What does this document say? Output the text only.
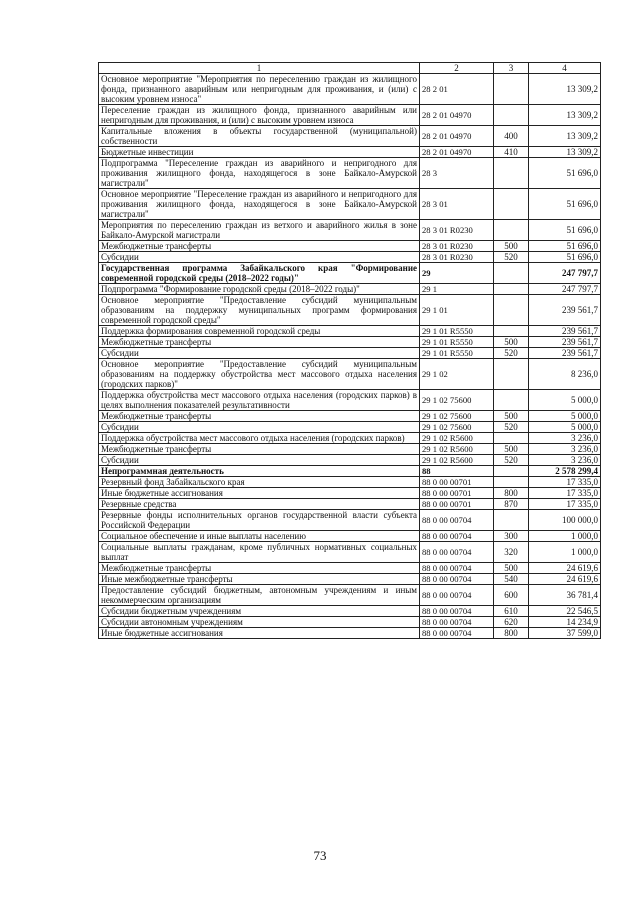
1	2	3	4
Основное мероприятие "Мероприятия по переселению граждан из жилищного фонда, признанного аварийным или непригодным для проживания, и (или) с высоким уровнем износа"	28 2 01		13 309,2
Переселение граждан из жилищного фонда, признанного аварийным или непригодным для проживания, и (или) с высоким уровнем износа	28 2 01 04970		13 309,2
Капитальные вложения в объекты государственной (муниципальной) собственности	28 2 01 04970	400	13 309,2
Бюджетные инвестиции	28 2 01 04970	410	13 309,2
Подпрограмма "Переселение граждан из аварийного и непригодного для проживания жилищного фонда, находящегося в зоне Байкало-Амурской магистрали"	28 3		51 696,0
Основное мероприятие "Переселение граждан из аварийного и непригодного для проживания жилищного фонда, находящегося в зоне Байкало-Амурской магистрали"	28 3 01		51 696,0
Мероприятия по переселению граждан из ветхого и аварийного жилья в зоне Байкало-Амурской магистрали	28 3 01 R0230		51 696,0
Межбюджетные трансферты	28 3 01 R0230	500	51 696,0
Субсидии	28 3 01 R0230	520	51 696,0
Государственная программа Забайкальского края "Формирование современной городской среды (2018–2022 годы)"	29		247 797,7
Подпрограмма "Формирование городской среды (2018–2022 годы)"	29 1		247 797,7
Основное мероприятие "Предоставление субсидий муниципальным образованиям на поддержку муниципальных программ формирования современной городской среды"	29 1 01		239 561,7
Поддержка формирования современной городской среды	29 1 01 R5550		239 561,7
Межбюджетные трансферты	29 1 01 R5550	500	239 561,7
Субсидии	29 1 01 R5550	520	239 561,7
Основное мероприятие "Предоставление субсидий муниципальным образованиям на поддержку обустройства мест массового отдыха населения (городских парков)"	29 1 02		8 236,0
Поддержка обустройства мест массового отдыха населения (городских парков) в целях выполнения показателей результативности	29 1 02 75600		5 000,0
Межбюджетные трансферты	29 1 02 75600	500	5 000,0
Субсидии	29 1 02 75600	520	5 000,0
Поддержка обустройства мест массового отдыха населения (городских парков)	29 1 02 R5600		3 236,0
Межбюджетные трансферты	29 1 02 R5600	500	3 236,0
Субсидии	29 1 02 R5600	520	3 236,0
Непрограммная деятельность	88		2 578 299,4
Резервный фонд Забайкальского края	88 0 00 00701		17 335,0
Иные бюджетные ассигнования	88 0 00 00701	800	17 335,0
Резервные средства	88 0 00 00701	870	17 335,0
Резервные фонды исполнительных органов государственной власти субъекта Российской Федерации	88 0 00 00704		100 000,0
Социальное обеспечение и иные выплаты населению	88 0 00 00704	300	1 000,0
Социальные выплаты гражданам, кроме публичных нормативных социальных выплат	88 0 00 00704	320	1 000,0
Межбюджетные трансферты	88 0 00 00704	500	24 619,6
Иные межбюджетные трансферты	88 0 00 00704	540	24 619,6
Предоставление субсидий бюджетным, автономным учреждениям и иным некоммерческим организациям	88 0 00 00704	600	36 781,4
Субсидии бюджетным учреждениям	88 0 00 00704	610	22 546,5
Субсидии автономным учреждениям	88 0 00 00704	620	14 234,9
Иные бюджетные ассигнования	88 0 00 00704	800	37 599,0
73
